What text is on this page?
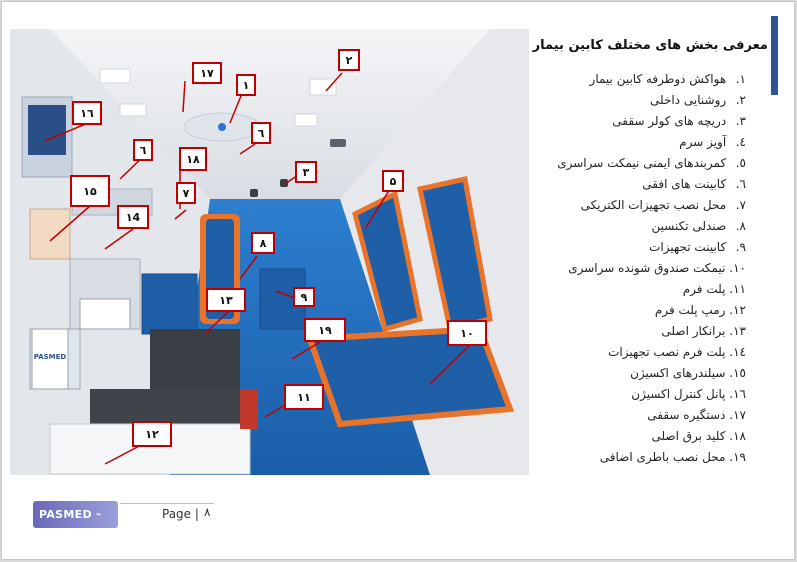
PASMED
١٧
١
٢
١٦
٦
١٨
٦
٣
۵
١۵	٧
١4
٨
٩
١٣
١٩	١٠
١١
١٢
معرفی بخش های مختلف کابین بیمار
١. هواکش دوطرفه کابین بیمار
٢. روشنایی داخلی
٣. دریچه های کولر سقفی
٤. آویز سرم
٥. کمربندهای ایمنی نیمکت سراسری
٦. کابینت های افقی
٧. محل نصب تجهیزات الکتریکی
٨. صندلی تکنسین
٩. کابینت تجهیزات
١٠. نیمکت صندوق شونده سراسری
١١. پلت فرم
١٢. رمپ پلت فرم
١٣. برانکار اصلی
١٤. پلت فرم نصب تجهیزات
١٥. سیلندرهای اکسیژن
١٦. پانل کنترل اکسیژن
١٧. دستگیره سقفی
١٨. کلید برق اصلی
١٩. محل نصب باطری اضافی
PASMED ⌁	Page | ٨
